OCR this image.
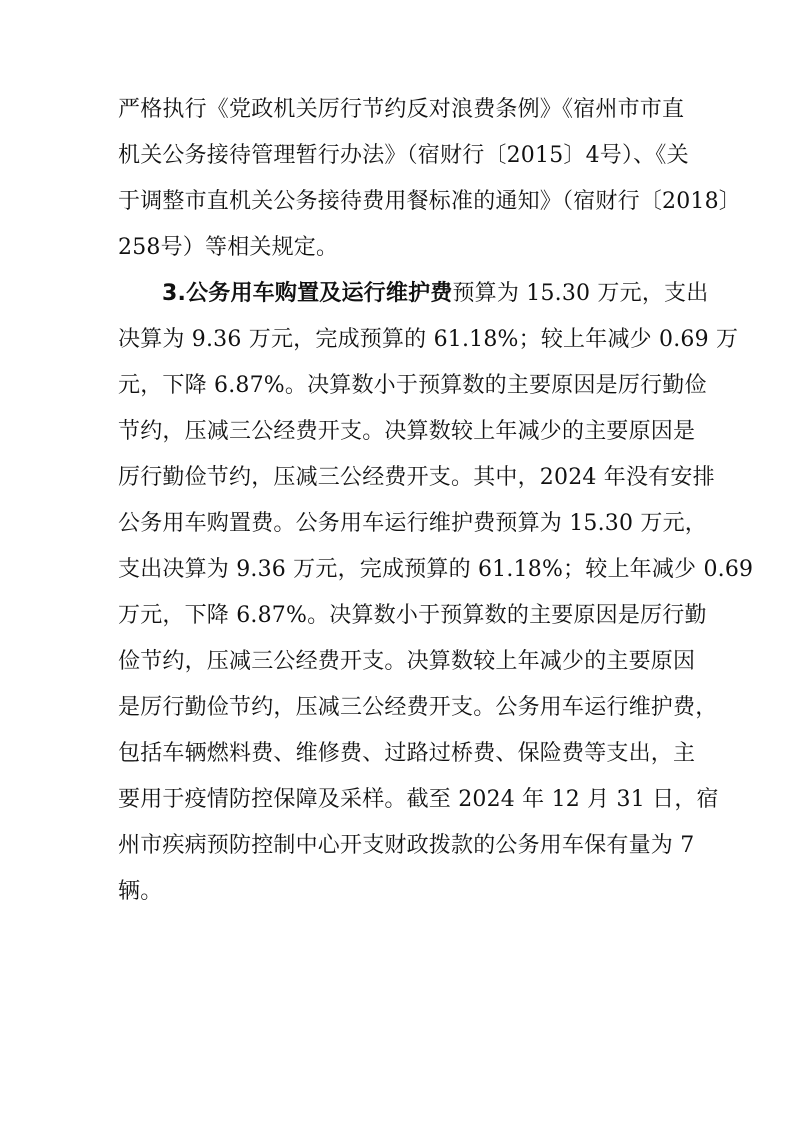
严格执行《党政机关厉行节约反对浪费条例》《宿州市市直
机关公务接待管理暂行办法》（宿财行〔2015〕4号）、《关
于调整市直机关公务接待费用餐标准的通知》（宿财行〔2018〕
258号）等相关规定。
3.公务用车购置及运行维护费预算为 15.30 万元，支出
决算为 9.36 万元，完成预算的 61.18%；较上年减少 0.69 万
元，下降 6.87%。决算数小于预算数的主要原因是厉行勤俭
节约，压减三公经费开支。决算数较上年减少的主要原因是
厉行勤俭节约，压减三公经费开支。其中，2024 年没有安排
公务用车购置费。公务用车运行维护费预算为 15.30 万元，
支出决算为 9.36 万元，完成预算的 61.18%；较上年减少 0.69
万元，下降 6.87%。决算数小于预算数的主要原因是厉行勤
俭节约，压减三公经费开支。决算数较上年减少的主要原因
是厉行勤俭节约，压减三公经费开支。公务用车运行维护费，
包括车辆燃料费、维修费、过路过桥费、保险费等支出，主
要用于疫情防控保障及采样。截至 2024 年 12 月 31 日，宿
州市疾病预防控制中心开支财政拨款的公务用车保有量为 7
辆。
